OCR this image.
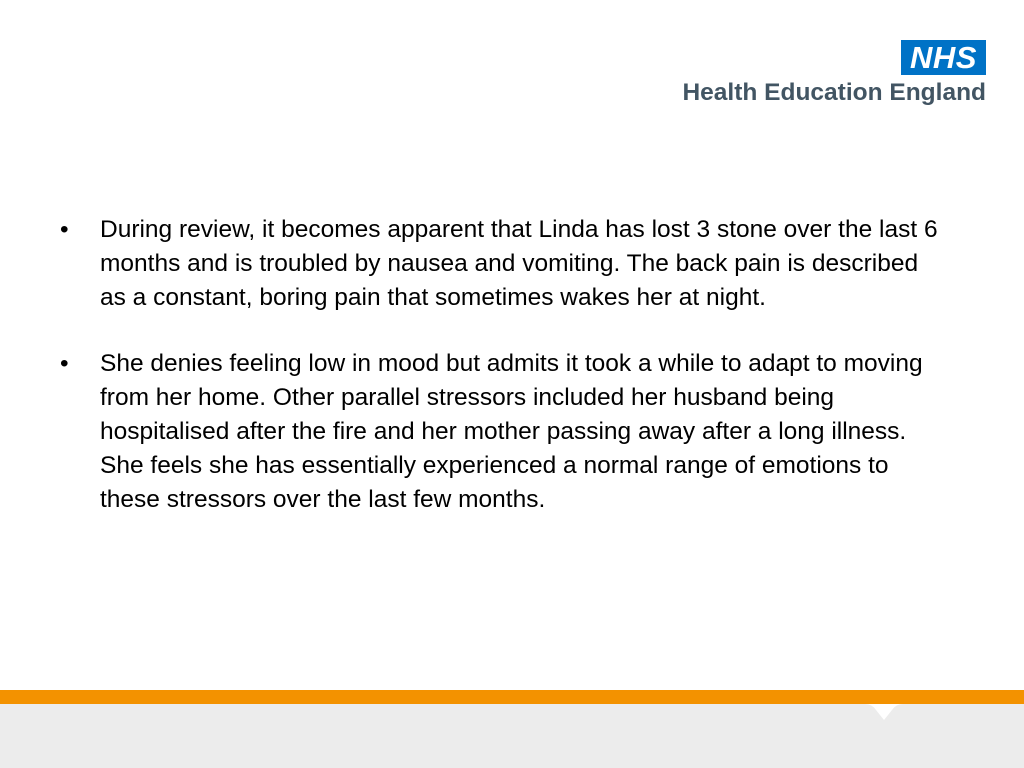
NHS
Health Education England
• During review, it becomes apparent that Linda has lost 3 stone over the last 6 months and is troubled by nausea and vomiting. The back pain is described as a constant, boring pain that sometimes wakes her at night.
• She denies feeling low in mood but admits it took a while to adapt to moving from her home. Other parallel stressors included her husband being hospitalised after the fire and her mother passing away after a long illness. She feels she has essentially experienced a normal range of emotions to these stressors over the last few months.
